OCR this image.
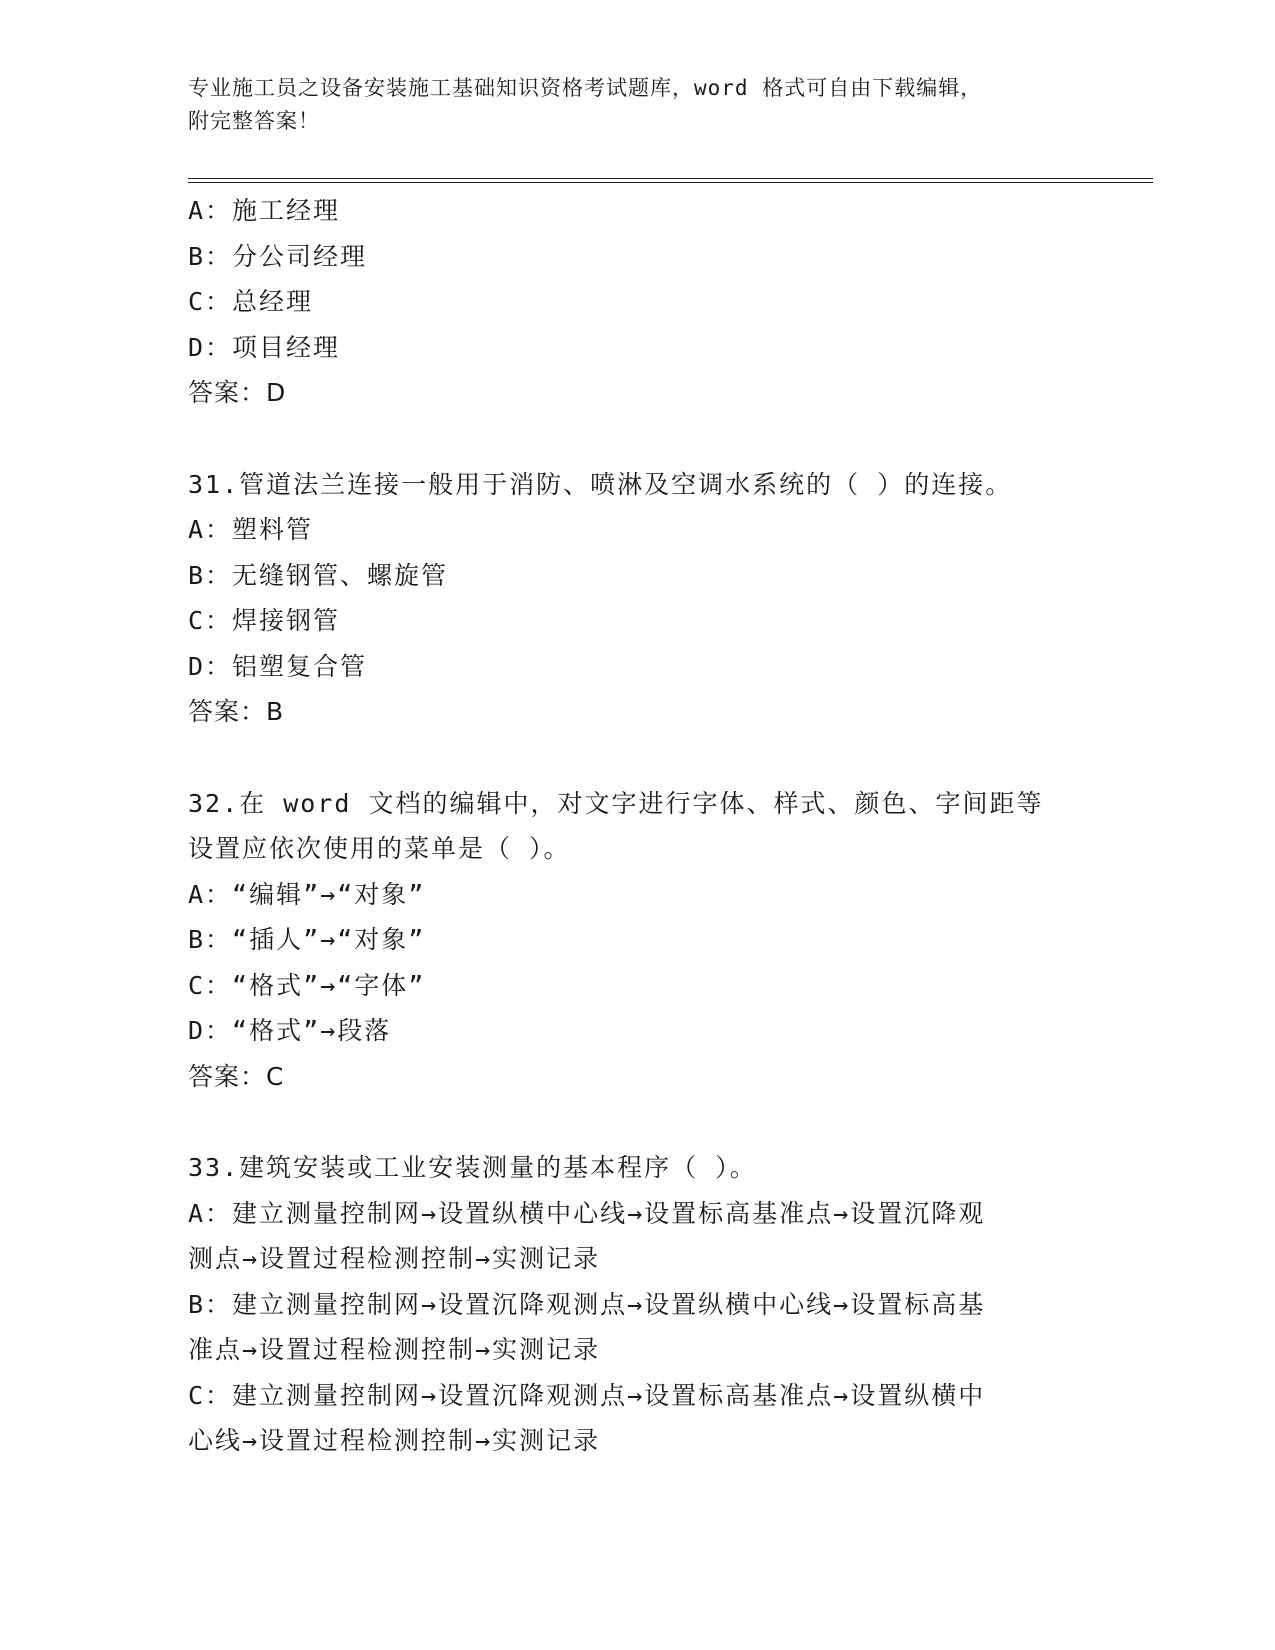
专业施工员之设备安装施工基础知识资格考试题库，word 格式可自由下载编辑，
附完整答案！
A：施工经理
B：分公司经理
C：总经理
D：项目经理
答案：D
31.管道法兰连接一般用于消防、喷淋及空调水系统的（ ）的连接。
A：塑料管
B：无缝钢管、螺旋管
C：焊接钢管
D：铝塑复合管
答案：B
32.在 word 文档的编辑中，对文字进行字体、样式、颜色、字间距等
设置应依次使用的菜单是（ ）。
A：“编辑”→“对象”
B：“插人”→“对象”
C：“格式”→“字体”
D：“格式”→段落
答案：C
33.建筑安装或工业安装测量的基本程序（ ）。
A：建立测量控制网→设置纵横中心线→设置标高基准点→设置沉降观
测点→设置过程检测控制→实测记录
B：建立测量控制网→设置沉降观测点→设置纵横中心线→设置标高基
准点→设置过程检测控制→实测记录
C：建立测量控制网→设置沉降观测点→设置标高基准点→设置纵横中
心线→设置过程检测控制→实测记录
